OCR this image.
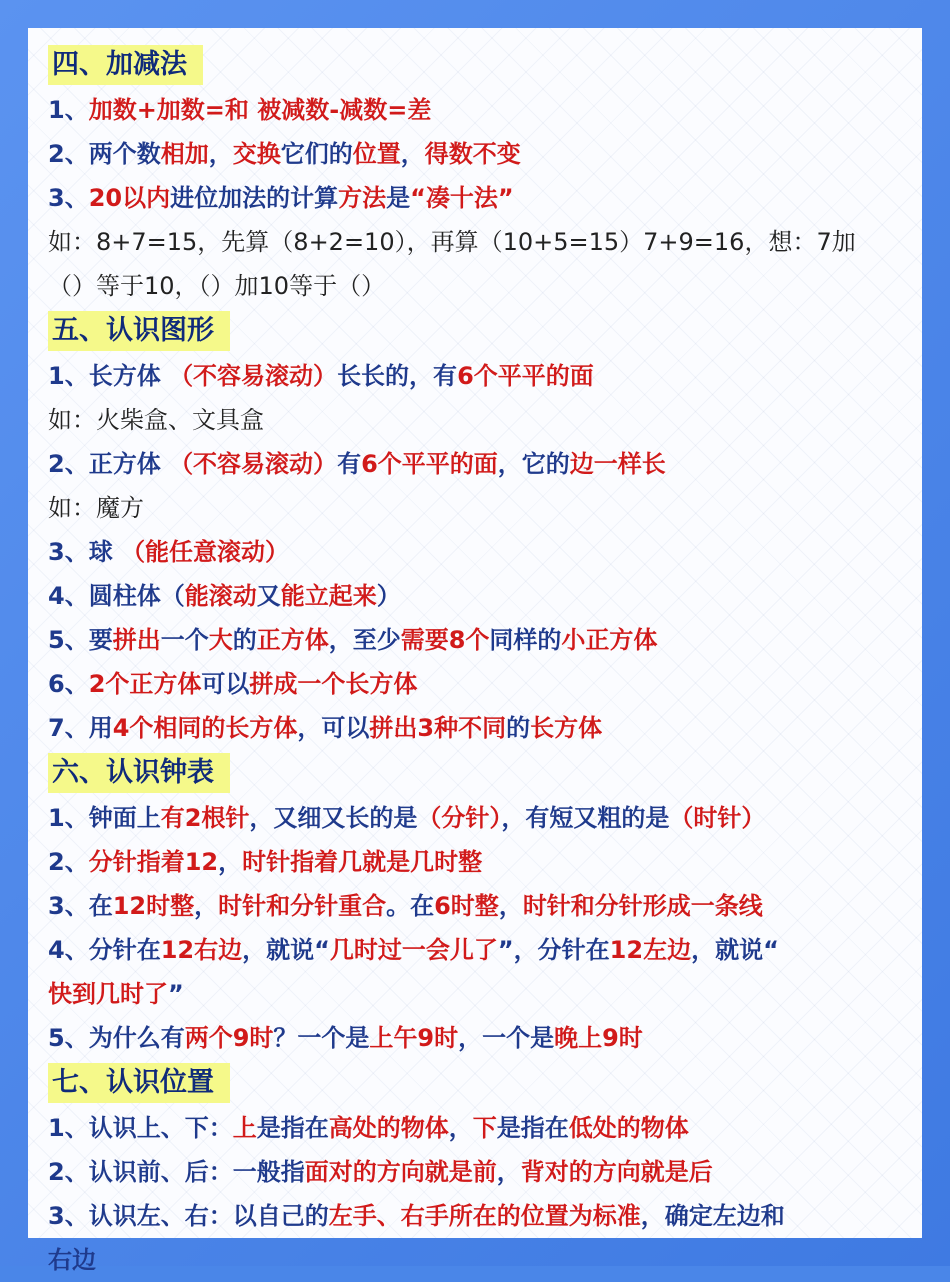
四、加减法
1、加数+加数=和 被减数-减数=差
2、两个数相加，交换它们的位置，得数不变
3、20以内进位加法的计算方法是“凑十法”
如：8+7=15，先算（8+2=10），再算（10+5=15）7+9=16，想：7加
（）等于10，（）加10等于（）
五、认识图形
1、长方体 （不容易滚动）长长的，有6个平平的面
如：火柴盒、文具盒
2、正方体 （不容易滚动）有6个平平的面，它的边一样长
如：魔方
3、球 （能任意滚动）
4、圆柱体（能滚动又能立起来）
5、要拼出一个大的正方体，至少需要8个同样的小正方体
6、2个正方体可以拼成一个长方体
7、用4个相同的长方体，可以拼出3种不同的长方体
六、认识钟表
1、钟面上有2根针，又细又长的是（分针），有短又粗的是（时针）
2、分针指着12，时针指着几就是几时整
3、在12时整，时针和分针重合。在6时整，时针和分针形成一条线
4、分针在12右边，就说“几时过一会儿了”，分针在12左边，就说“
快到几时了”
5、为什么有两个9时？一个是上午9时，一个是晚上9时
七、认识位置
1、认识上、下：上是指在高处的物体，下是指在低处的物体
2、认识前、后：一般指面对的方向就是前，背对的方向就是后
3、认识左、右：以自己的左手、右手所在的位置为标准，确定左边和
右边
